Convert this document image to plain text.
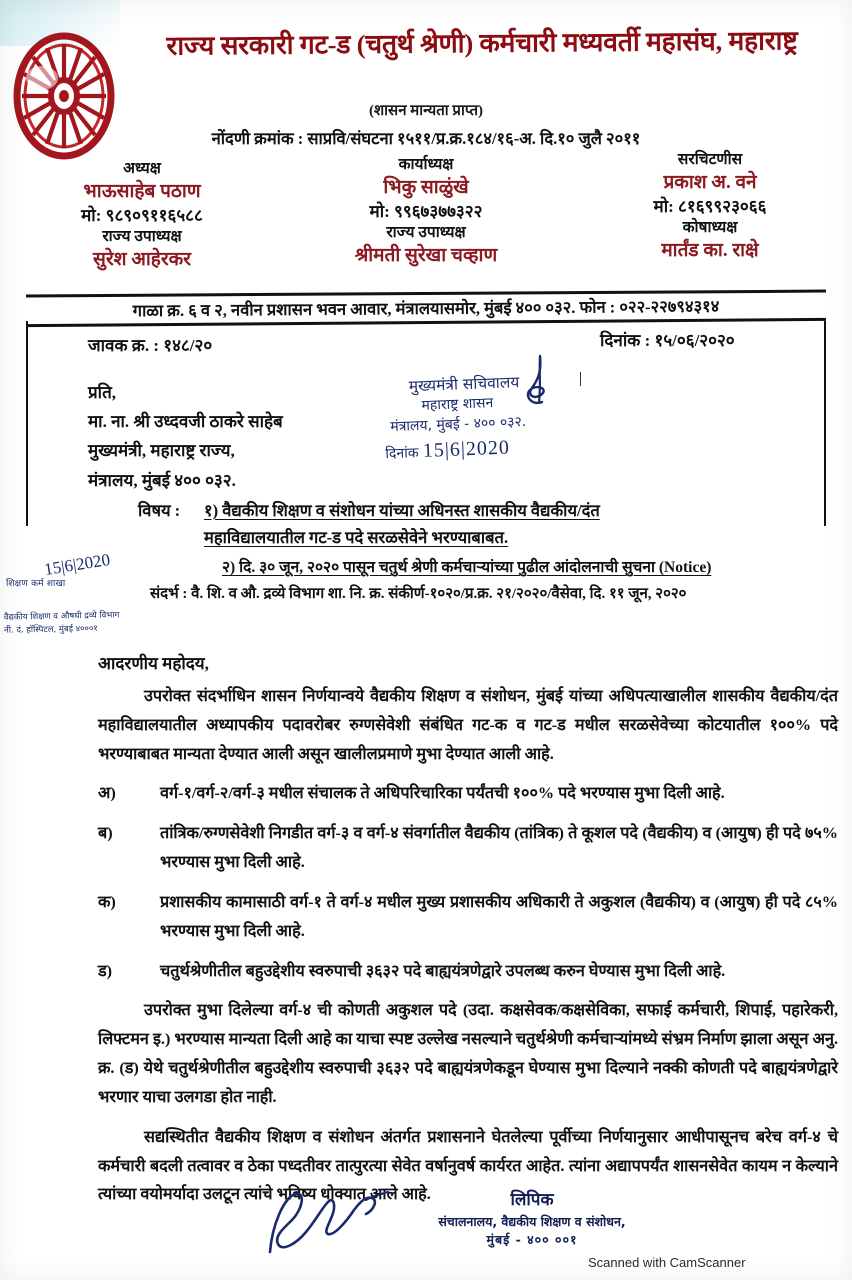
राज्य सरकारी गट-ड (चतुर्थ श्रेणी) कर्मचारी मध्यवर्ती महासंघ, महाराष्ट्र
(शासन मान्यता प्राप्त)
नोंदणी क्रमांक : साप्रवि/संघटना १५११/प्र.क्र.१८४/१६-अ. दि.१० जुलै २०११
अध्यक्ष
भाऊसाहेब पठाण
मो: ९८९०९११६५८८
राज्य उपाध्यक्ष
सुरेश आहेरकर
कार्याध्यक्ष
भिकु साळुंखे
मो: ९९६७३७७३२२
राज्य उपाध्यक्ष
श्रीमती सुरेखा चव्हाण
सरचिटणीस
प्रकाश अ. वने
मो: ८१६९९२३०६६
कोषाध्यक्ष
मार्तंड का. राक्षे
गाळा क्र. ६ व २, नवीन प्रशासन भवन आवार, मंत्रालयासमोर, मुंबई ४०० ०३२. फोन : ०२२-२२७९४३१४
जावक क्र. : १४८/२०	दिनांक : १५/०६/२०२०
प्रति,
मा. ना. श्री उध्दवजी ठाकरे साहेब
मुख्यमंत्री, महाराष्ट्र राज्य,
मंत्रालय, मुंबई ४०० ०३२.
मुख्यमंत्री सचिवालय
महाराष्ट्र शासन
मंत्रालय, मुंबई - ४०० ०३२.
दिनांक 15|6|2020
विषय : १) वैद्यकीय शिक्षण व संशोधन यांच्या अधिनस्त शासकीय वैद्यकीय/दंत
महाविद्यालयातील गट-ड पदे सरळसेवेने भरण्याबाबत.
२) दि. ३० जून, २०२० पासून चतुर्थ श्रेणी कर्मचाऱ्यांच्या पुढील आंदोलनाची सुचना (Notice)
संदर्भ : वै. शि. व औ. द्रव्ये विभाग शा. नि. क्र. संकीर्ण-१०२०/प्र.क्र. २१/२०२०/वैसेवा, दि. ११ जून, २०२०
15|6|2020
शिक्षण कर्म शाखा
वैद्यकीय शिक्षण व औषधी द्रव्ये विभाग
नी. दं. हॉस्पिटल, मुंबई ४०००१
आदरणीय महोदय,

उपरोक्त संदर्भाधिन शासन निर्णयान्वये वैद्यकीय शिक्षण व संशोधन, मुंबई यांच्या अधिपत्याखालील शासकीय वैद्यकीय/दंत महाविद्यालयातील अध्यापकीय पदावरोबर रुग्णसेवेशी संबंधित गट-क व गट-ड मधील सरळसेवेच्या कोटयातील १००% पदे भरण्याबाबत मान्यता देण्यात आली असून खालीलप्रमाणे मुभा देण्यात आली आहे.

अ)	वर्ग-१/वर्ग-२/वर्ग-३ मधील संचालक ते अधिपरिचारिका पर्यंतची १००% पदे भरण्यास मुभा दिली आहे.
ब)	तांत्रिक/रुग्णसेवेशी निगडीत वर्ग-३ व वर्ग-४ संवर्गातील वैद्यकीय (तांत्रिक) ते कूशल पदे (वैद्यकीय) व (आयुष) ही पदे ७५% भरण्यास मुभा दिली आहे.
क)	प्रशासकीय कामासाठी वर्ग-१ ते वर्ग-४ मधील मुख्य प्रशासकीय अधिकारी ते अकुशल (वैद्यकीय) व (आयुष) ही पदे ८५% भरण्यास मुभा दिली आहे.
ड)	चतुर्थश्रेणीतील बहुउद्देशीय स्वरुपाची ३६३२ पदे बाह्ययंत्रणेद्वारे उपलब्ध करुन घेण्यास मुभा दिली आहे.

उपरोक्त मुभा दिलेल्या वर्ग-४ ची कोणती अकुशल पदे (उदा. कक्षसेवक/कक्षसेविका, सफाई कर्मचारी, शिपाई, पहारेकरी, लिफ्टमन इ.) भरण्यास मान्यता दिली आहे का याचा स्पष्ट उल्लेख नसल्याने चतुर्थश्रेणी कर्मचाऱ्यांमध्ये संभ्रम निर्माण झाला असून अनु. क्र. (ड) येथे चतुर्थश्रेणीतील बहुउद्देशीय स्वरुपाची ३६३२ पदे बाह्ययंत्रणेकडून घेण्यास मुभा दिल्याने नक्की कोणती पदे बाह्ययंत्रणेद्वारे भरणार याचा उलगडा होत नाही.

सद्यस्थितीत वैद्यकीय शिक्षण व संशोधन अंतर्गत प्रशासनाने घेतलेल्या पूर्वीच्या निर्णयानुसार आधीपासूनच बरेच वर्ग-४ चे कर्मचारी बदली तत्वावर व ठेका पध्दतीवर तात्पुरत्या सेवेत वर्षानुवर्ष कार्यरत आहेत. त्यांना अद्यापपर्यंत शासनसेवेत कायम न केल्याने त्यांच्या वयोमर्यादा उलटून त्यांचे भविष्य धोक्यात आले आहे.	लिपिक
संचालनालय, वैद्यकीय शिक्षण व संशोधन,
मुंबई - ४०० ००१
Scanned with CamScanner
